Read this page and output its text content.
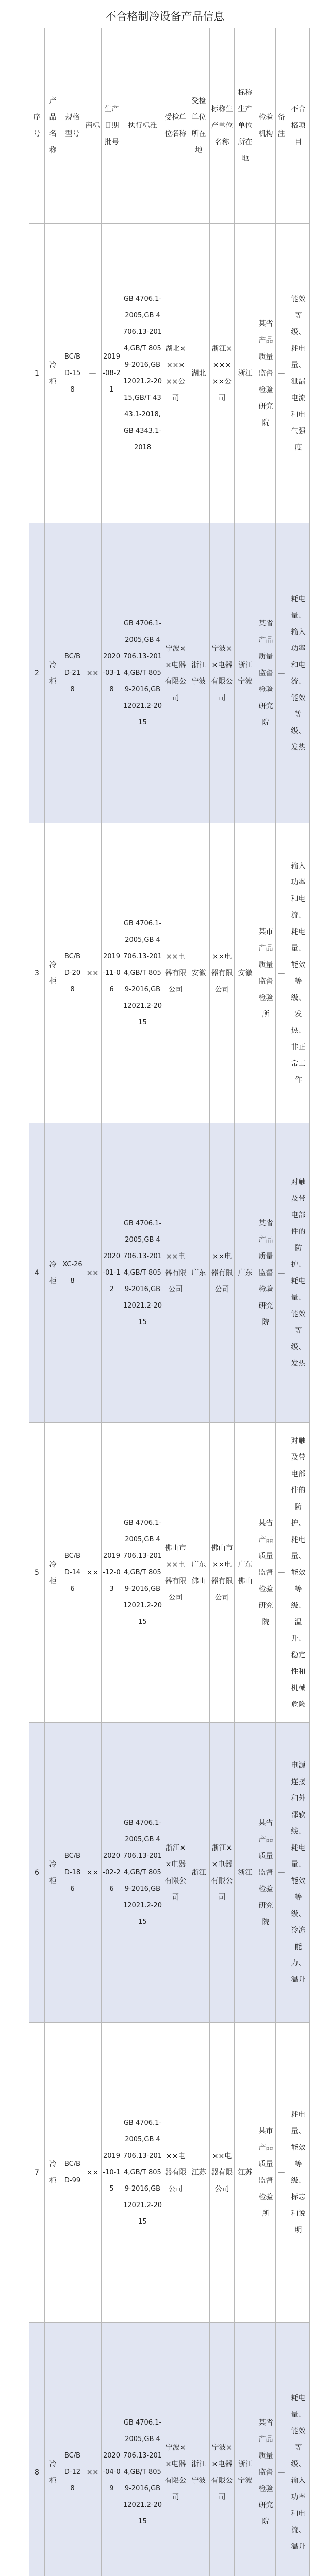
不合格制冷设备产品信息
序号	产品名称	规格型号	商标	生产日期批号	执行标准	受检单位名称	受检单位所在地	标称生产单位名称	标称生产单位所在地	检验机构	备注	不合格项目
1	冷柜	BC/BD-158	—	2019-08-21	GB 4706.1-2005,GB 4706.13-2014,GB/T 8059-2016,GB 12021.2-2015,GB/T 4343.1-2018,GB 4343.1-2018	湖北××××××公司	湖北	浙江××××××公司	浙江	某省产品质量监督检验研究院	—	能效等级、耗电量、泄漏电流和电气强度
2	冷柜	BC/BD-218	××	2020-03-18	GB 4706.1-2005,GB 4706.13-2014,GB/T 8059-2016,GB 12021.2-2015	宁波××电器有限公司	浙江宁波	宁波××电器有限公司	浙江宁波	某省产品质量监督检验研究院	—	耗电量、输入功率和电流、能效等级、发热
3	冷柜	BC/BD-208	××	2019-11-06	GB 4706.1-2005,GB 4706.13-2014,GB/T 8059-2016,GB 12021.2-2015	××电器有限公司	安徽	××电器有限公司	安徽	某市产品质量监督检验所	—	输入功率和电流、耗电量、能效等级、发热、非正常工作
4	冷柜	XC-268	××	2020-01-12	GB 4706.1-2005,GB 4706.13-2014,GB/T 8059-2016,GB 12021.2-2015	××电器有限公司	广东	××电器有限公司	广东	某省产品质量监督检验研究院	—	对触及带电部件的防护、耗电量、能效等级、发热
5	冷柜	BC/BD-146	××	2019-12-03	GB 4706.1-2005,GB 4706.13-2014,GB/T 8059-2016,GB 12021.2-2015	佛山市××电器有限公司	广东佛山	佛山市××电器有限公司	广东佛山	某省产品质量监督检验研究院	—	对触及带电部件的防护、耗电量、能效等级、温升、稳定性和机械危险
6	冷柜	BC/BD-186	××	2020-02-26	GB 4706.1-2005,GB 4706.13-2014,GB/T 8059-2016,GB 12021.2-2015	浙江××电器有限公司	浙江	浙江××电器有限公司	浙江	某省产品质量监督检验研究院	—	电源连接和外部软线、耗电量、能效等级、冷冻能力、温升
7	冷柜	BC/BD-99	××	2019-10-15	GB 4706.1-2005,GB 4706.13-2014,GB/T 8059-2016,GB 12021.2-2015	××电器有限公司	江苏	××电器有限公司	江苏	某市产品质量监督检验所	—	耗电量、能效等级、标志和说明
8	冷柜	BC/BD-128	××	2020-04-09	GB 4706.1-2005,GB 4706.13-2014,GB/T 8059-2016,GB 12021.2-2015	宁波××电器有限公司	浙江宁波	宁波××电器有限公司	浙江宁波	某省产品质量监督检验研究院	—	耗电量、能效等级、输入功率和电流、温升
